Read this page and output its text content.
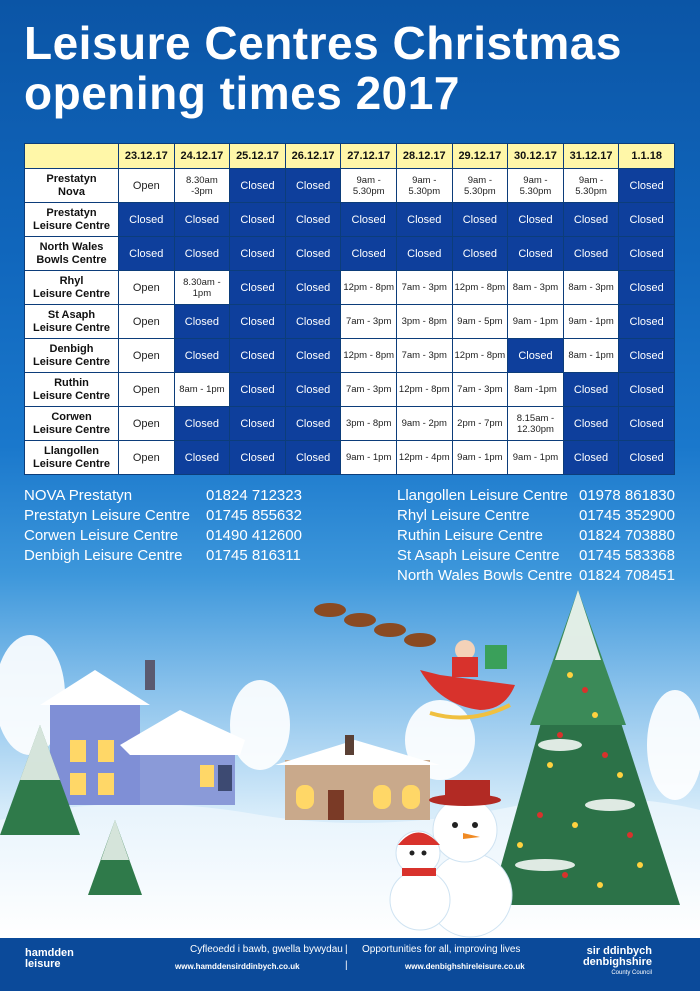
Leisure Centres Christmas
opening times 2017
	23.12.17	24.12.17	25.12.17	26.12.17	27.12.17	28.12.17	29.12.17	30.12.17	31.12.17	1.1.18
Prestatyn
Nova	Open	8.30am -3pm	Closed	Closed	9am - 5.30pm	9am - 5.30pm	9am - 5.30pm	9am - 5.30pm	9am - 5.30pm	Closed
Prestatyn
Leisure Centre	Closed	Closed	Closed	Closed	Closed	Closed	Closed	Closed	Closed	Closed
North Wales
Bowls Centre	Closed	Closed	Closed	Closed	Closed	Closed	Closed	Closed	Closed	Closed
Rhyl
Leisure Centre	Open	8.30am - 1pm	Closed	Closed	12pm - 8pm	7am - 3pm	12pm - 8pm	8am - 3pm	8am - 3pm	Closed
St Asaph
Leisure Centre	Open	Closed	Closed	Closed	7am - 3pm	3pm - 8pm	9am - 5pm	9am - 1pm	9am - 1pm	Closed
Denbigh
Leisure Centre	Open	Closed	Closed	Closed	12pm - 8pm	7am - 3pm	12pm - 8pm	Closed	8am - 1pm	Closed
Ruthin
Leisure Centre	Open	8am - 1pm	Closed	Closed	7am - 3pm	12pm - 8pm	7am - 3pm	8am -1pm	Closed	Closed
Corwen
Leisure Centre	Open	Closed	Closed	Closed	3pm - 8pm	9am - 2pm	2pm - 7pm	8.15am - 12.30pm	Closed	Closed
Llangollen
Leisure Centre	Open	Closed	Closed	Closed	9am - 1pm	12pm - 4pm	9am - 1pm	9am - 1pm	Closed	Closed
NOVA Prestatyn	01824 712323
Prestatyn Leisure Centre	01745 855632
Corwen Leisure Centre	01490 412600
Denbigh Leisure Centre	01745 816311
Llangollen Leisure Centre 01978 861830
Rhyl Leisure Centre	01745 352900
Ruthin Leisure Centre	01824 703880
St Asaph Leisure Centre	01745 583368
North Wales Bowls Centre 01824 708451
hamdden
leisure
Cyfleoedd i bawb, gwella bywydau | Opportunities for all, improving lives
www.hamddensirddinbych.co.uk	|	www.denbighshireleisure.co.uk
sir ddinbych
denbighshire
County Council
